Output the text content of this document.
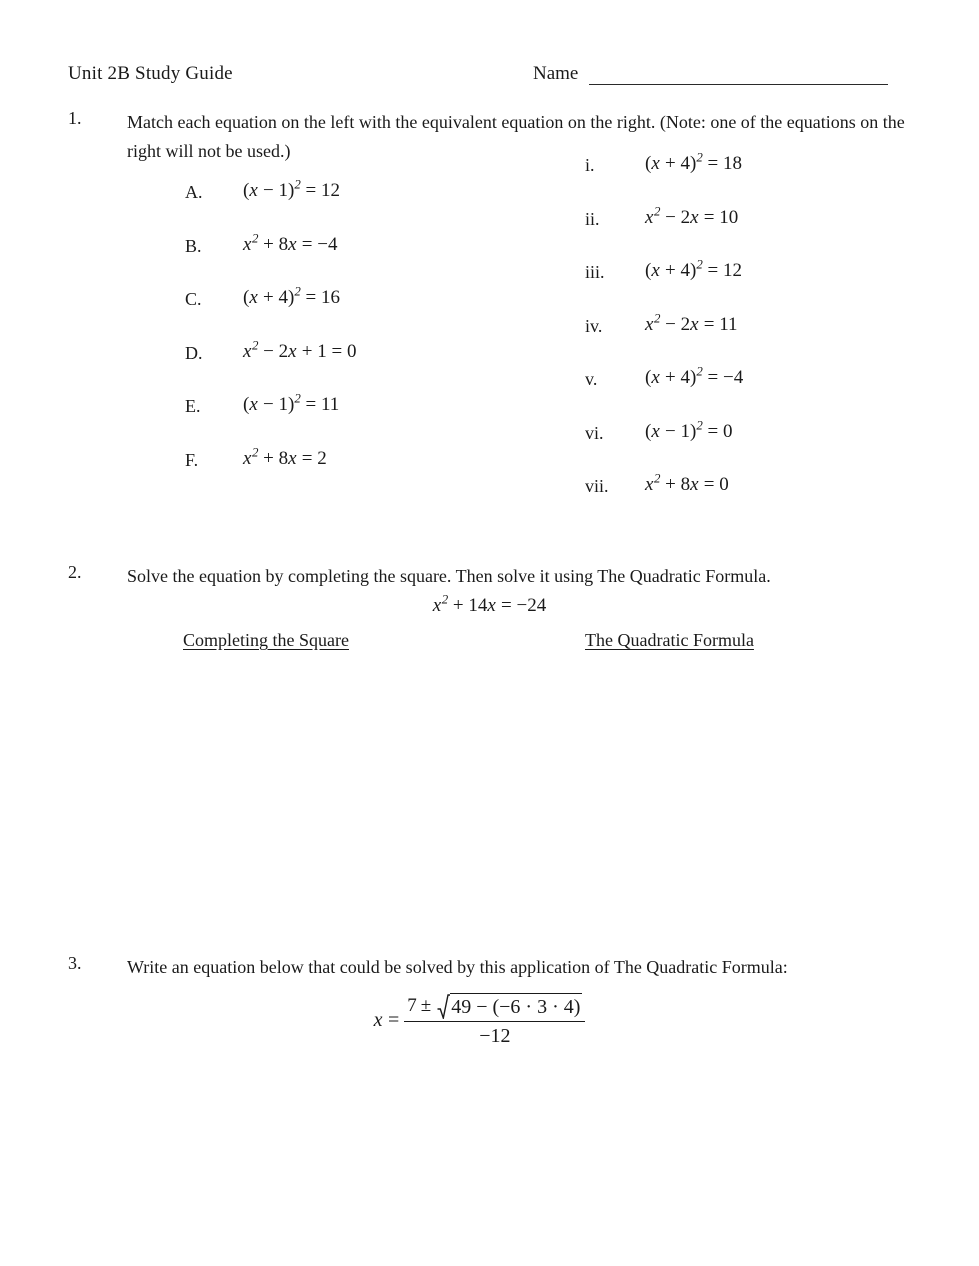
Unit 2B Study Guide	Name
1.	Match each equation on the left with the equivalent equation on the right. (Note: one of the equations on the right will not be used.)
A. $(x - 1)^2 = 12$
B. $x^2 + 8x = -4$
C. $(x + 4)^2 = 16$
D. $x^2 - 2x + 1 = 0$
E. $(x - 1)^2 = 11$
F. $x^2 + 8x = 2$
i.	$(x + 4)^2 = 18$
ii. $x^2 - 2x = 10$
iii. $(x + 4)^2 = 12$
iv. $x^2 - 2x = 11$
v.	$(x + 4)^2 = -4$
vi. $(x - 1)^2 = 0$
vii. $x^2 + 8x = 0$
2.	Solve the equation by completing the square. Then solve it using The Quadratic Formula.
$x^2 + 14x = -24$
Completing the Square	The Quadratic Formula
3.	Write an equation below that could be solved by this application of The Quadratic Formula:
x =
7 ± 49 − (−6 · 3 · 4)
−12
